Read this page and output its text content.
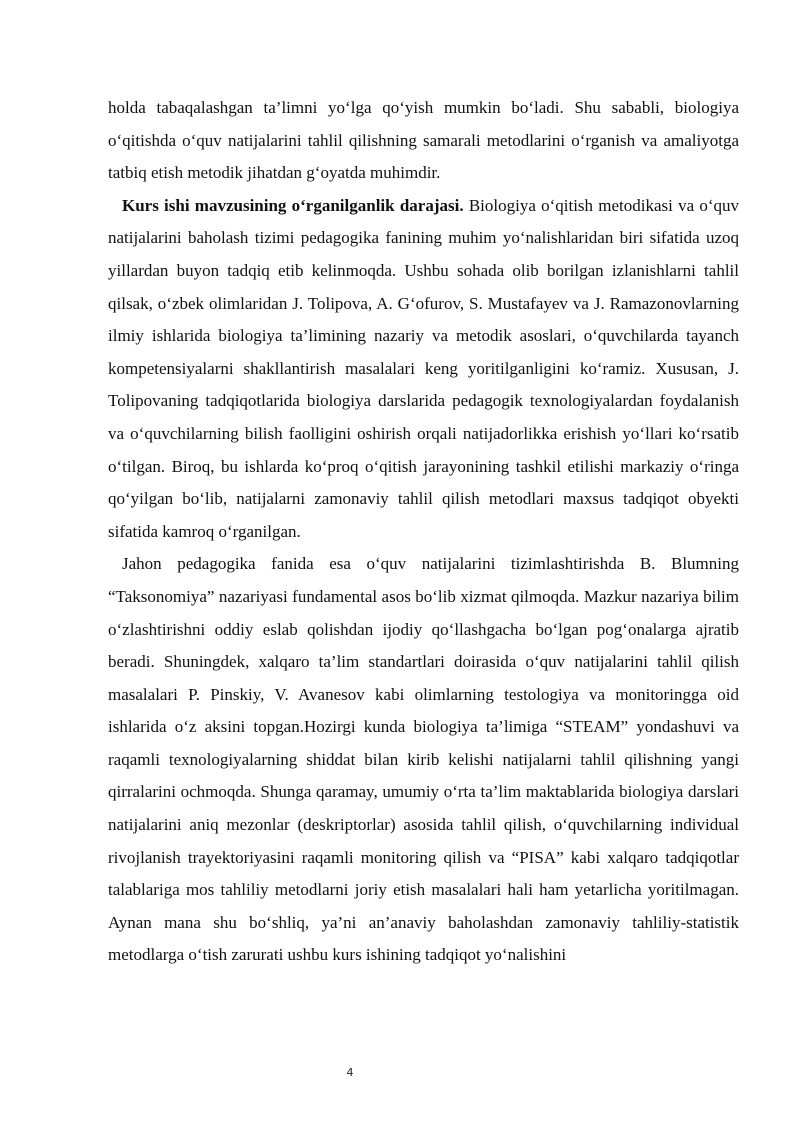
holda tabaqalashgan ta’limni yo‘lga qo‘yish mumkin bo‘ladi. Shu sababli, biologiya o‘qitishda o‘quv natijalarini tahlil qilishning samarali metodlarini o‘rganish va amaliyotga tatbiq etish metodik jihatdan g‘oyatda muhimdir.

Kurs ishi mavzusining o‘rganilganlik darajasi. Biologiya o‘qitish metodikasi va o‘quv natijalarini baholash tizimi pedagogika fanining muhim yo‘nalishlaridan biri sifatida uzoq yillardan buyon tadqiq etib kelinmoqda. Ushbu sohada olib borilgan izlanishlarni tahlil qilsak, o‘zbek olimlaridan J. Tolipova, A. G‘ofurov, S. Mustafayev va J. Ramazonovlarning ilmiy ishlarida biologiya ta’limining nazariy va metodik asoslari, o‘quvchilarda tayanch kompetensiyalarni shakllantirish masalalari keng yoritilganligini ko‘ramiz. Xususan, J. Tolipovaning tadqiqotlarida biologiya darslarida pedagogik texnologiyalardan foydalanish va o‘quvchilarning bilish faolligini oshirish orqali natijadorlikka erishish yo‘llari ko‘rsatib o‘tilgan. Biroq, bu ishlarda ko‘proq o‘qitish jarayonining tashkil etilishi markaziy o‘ringa qo‘yilgan bo‘lib, natijalarni zamonaviy tahlil qilish metodlari maxsus tadqiqot obyekti sifatida kamroq o‘rganilgan.

Jahon pedagogika fanida esa o‘quv natijalarini tizimlashtirishda B. Blumning “Taksonomiya” nazariyasi fundamental asos bo‘lib xizmat qilmoqda. Mazkur nazariya bilim o‘zlashtirishni oddiy eslab qolishdan ijodiy qo‘llashgacha bo‘lgan pog‘onalarga ajratib beradi. Shuningdek, xalqaro ta’lim standartlari doirasida o‘quv natijalarini tahlil qilish masalalari P. Pinskiy, V. Avanesov kabi olimlarning testologiya va monitoringga oid ishlarida o‘z aksini topgan.Hozirgi kunda biologiya ta’limiga “STEAM” yondashuvi va raqamli texnologiyalarning shiddat bilan kirib kelishi natijalarni tahlil qilishning yangi qirralarini ochmoqda. Shunga qaramay, umumiy o‘rta ta’lim maktablarida biologiya darslari natijalarini aniq mezonlar (deskriptorlar) asosida tahlil qilish, o‘quvchilarning individual rivojlanish trayektoriyasini raqamli monitoring qilish va “PISA” kabi xalqaro tadqiqotlar talablariga mos tahliliy metodlarni joriy etish masalalari hali ham yetarlicha yoritilmagan. Aynan mana shu bo‘shliq, ya’ni an’anaviy baholashdan zamonaviy tahliliy-statistik metodlarga o‘tish zarurati ushbu kurs ishining tadqiqot yo‘nalishini

4
